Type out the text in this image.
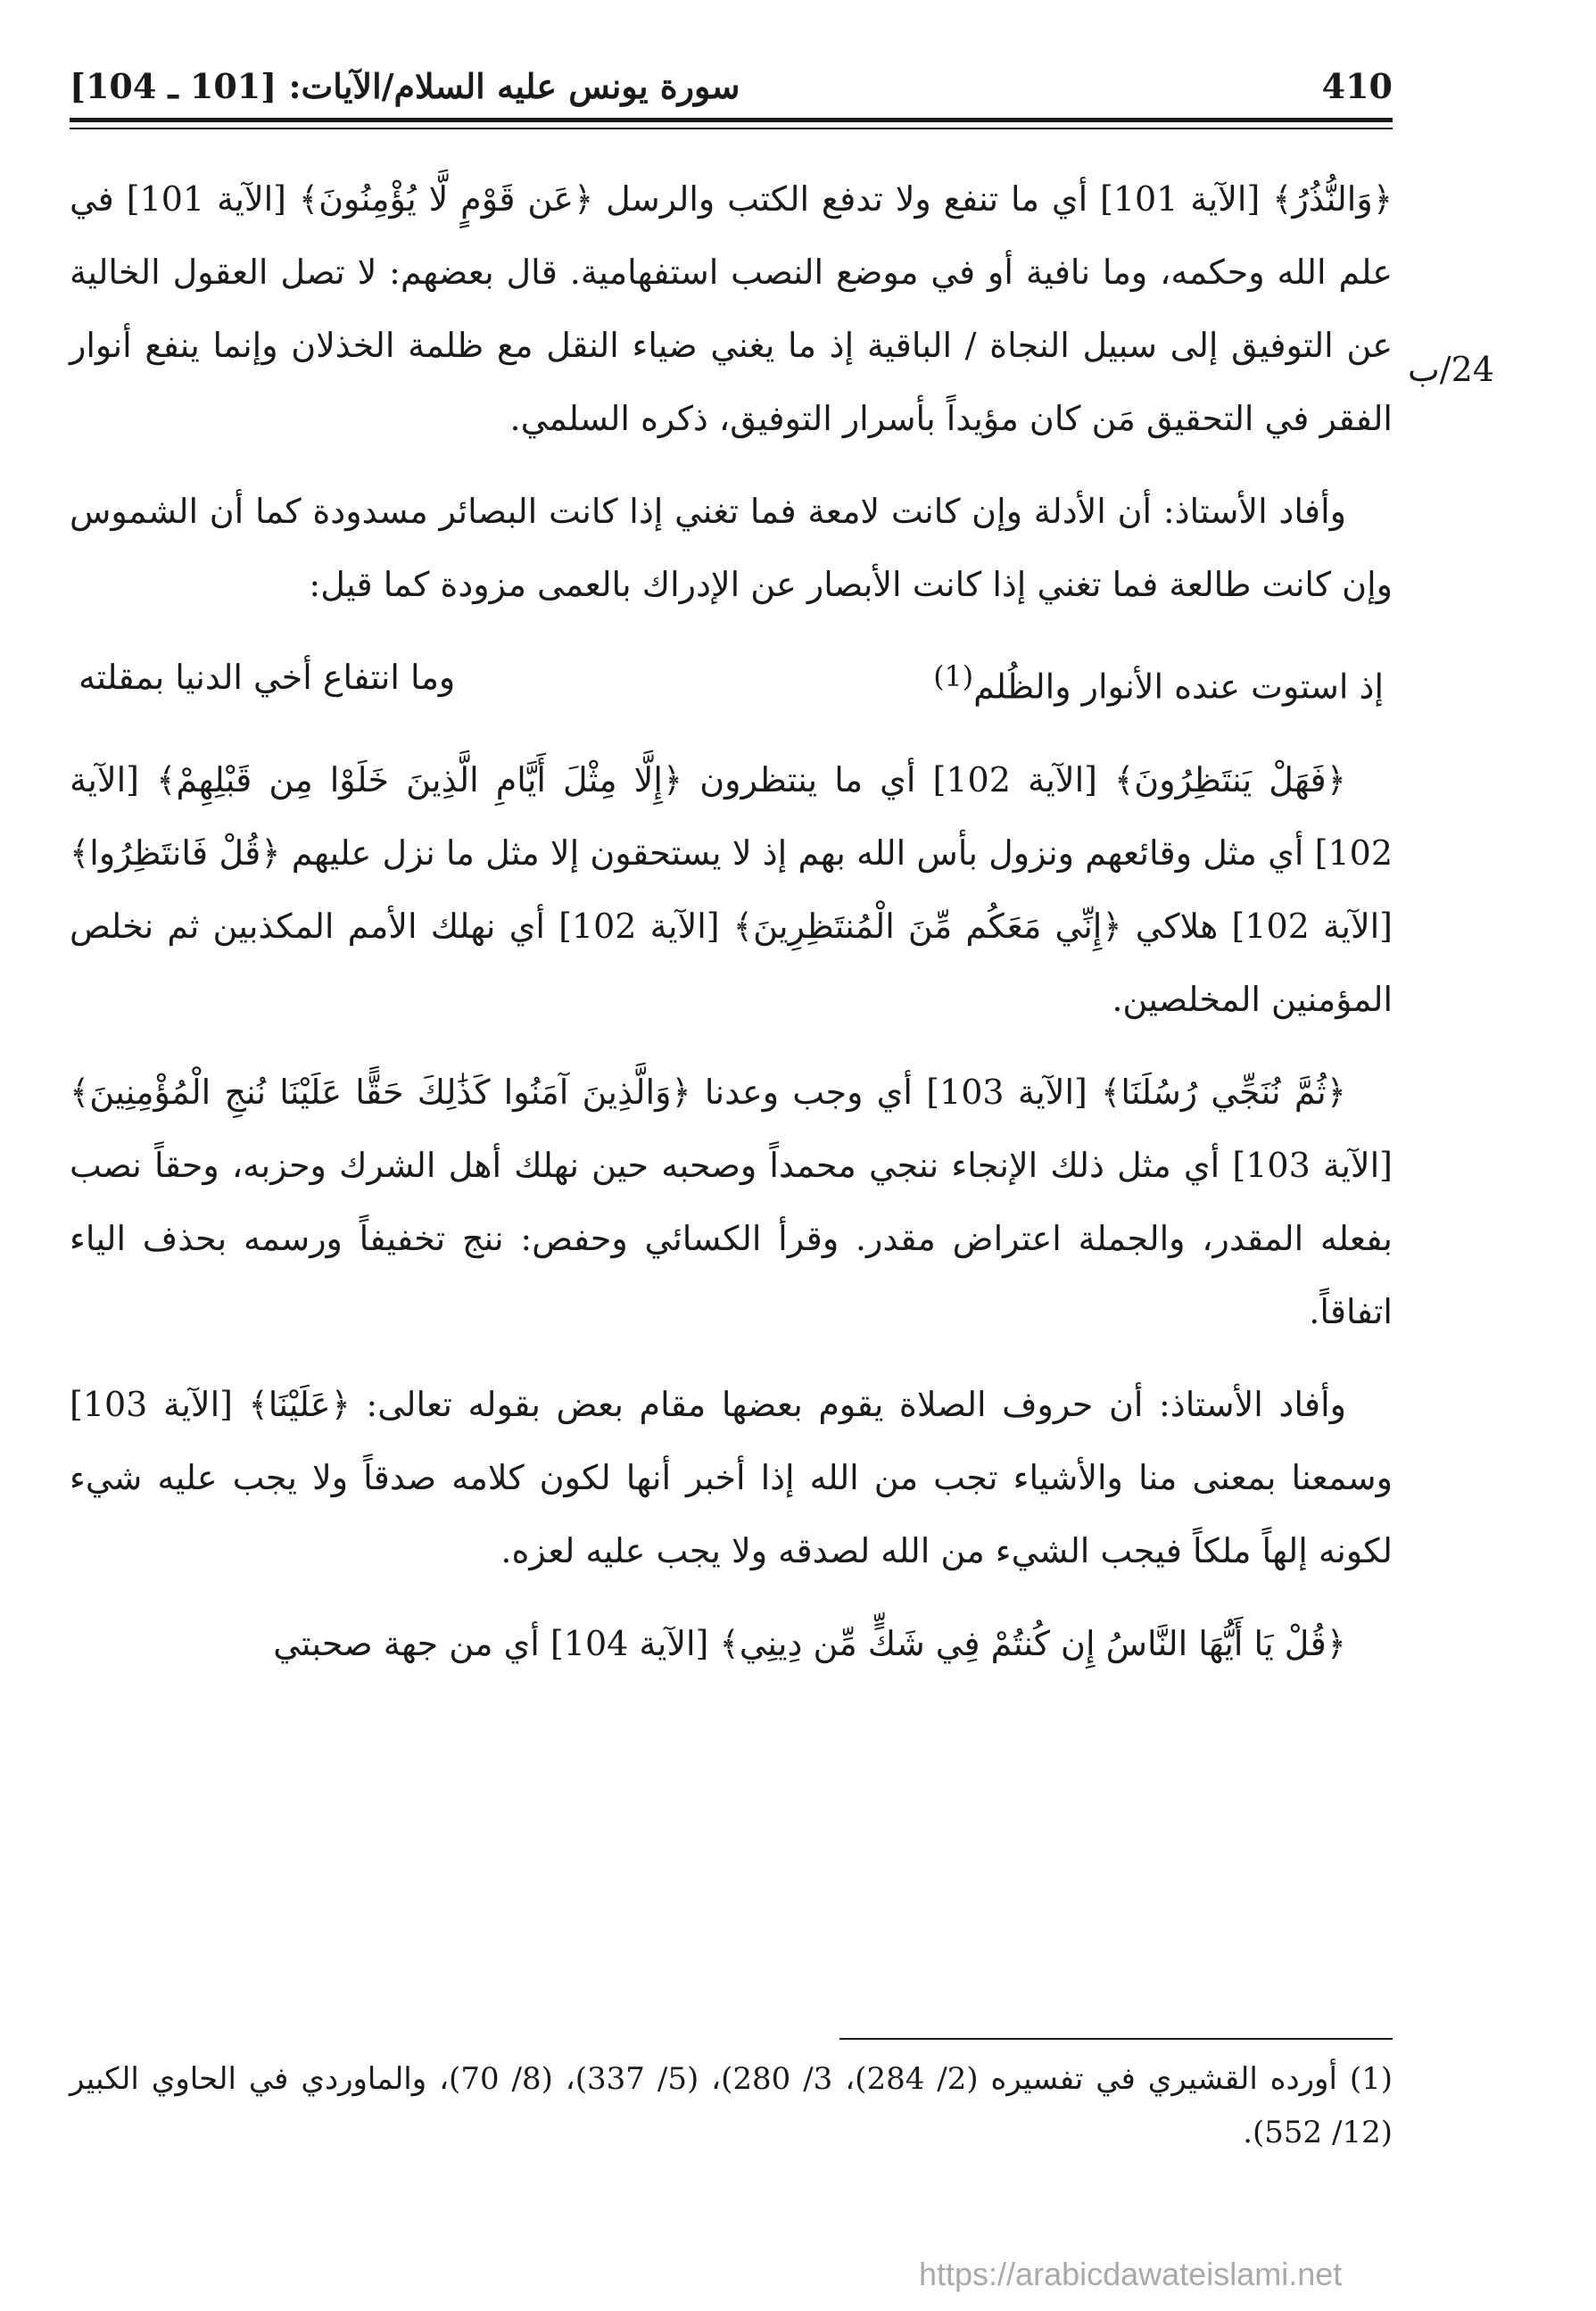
410
سورة يونس عليه السلام/الآيات: [101 ـ 104]
24/ب

﴿وَالنُّذُرُ﴾ [الآية 101] أي ما تنفع ولا تدفع الكتب والرسل ﴿عَن قَوْمٍ لَّا يُؤْمِنُونَ﴾ [الآية 101] في علم الله وحكمه، وما نافية أو في موضع النصب استفهامية. قال بعضهم: لا تصل العقول الخالية عن التوفيق إلى سبيل النجاة / الباقية إذ ما يغني ضياء النقل مع ظلمة الخذلان وإنما ينفع أنوار الفقر في التحقيق مَن كان مؤيداً بأسرار التوفيق، ذكره السلمي.

وأفاد الأستاذ: أن الأدلة وإن كانت لامعة فما تغني إذا كانت البصائر مسدودة كما أن الشموس وإن كانت طالعة فما تغني إذا كانت الأبصار عن الإدراك بالعمى مزودة كما قيل:

وما انتفاع أخي الدنيا بمقلته	إذ استوت عنده الأنوار والظُلم$^{(1)}$

﴿فَهَلْ يَنتَظِرُونَ﴾ [الآية 102] أي ما ينتظرون ﴿إِلَّا مِثْلَ أَيَّامِ الَّذِينَ خَلَوْا مِن قَبْلِهِمْ﴾ [الآية 102] أي مثل وقائعهم ونزول بأس الله بهم إذ لا يستحقون إلا مثل ما نزل عليهم ﴿قُلْ فَانتَظِرُوا﴾ [الآية 102] هلاكي ﴿إِنِّي مَعَكُم مِّنَ الْمُنتَظِرِينَ﴾ [الآية 102] أي نهلك الأمم المكذبين ثم نخلص المؤمنين المخلصين.

﴿ثُمَّ نُنَجِّي رُسُلَنَا﴾ [الآية 103] أي وجب وعدنا ﴿وَالَّذِينَ آمَنُوا كَذَٰلِكَ حَقًّا عَلَيْنَا نُنجِ الْمُؤْمِنِينَ﴾ [الآية 103] أي مثل ذلك الإنجاء ننجي محمداً وصحبه حين نهلك أهل الشرك وحزبه، وحقاً نصب بفعله المقدر، والجملة اعتراض مقدر. وقرأ الكسائي وحفص: ننج تخفيفاً ورسمه بحذف الياء اتفاقاً.

وأفاد الأستاذ: أن حروف الصلاة يقوم بعضها مقام بعض بقوله تعالى: ﴿عَلَيْنَا﴾ [الآية 103] وسمعنا بمعنى منا والأشياء تجب من الله إذا أخبر أنها لكون كلامه صدقاً ولا يجب عليه شيء لكونه إلهاً ملكاً فيجب الشيء من الله لصدقه ولا يجب عليه لعزه.

﴿قُلْ يَا أَيُّهَا النَّاسُ إِن كُنتُمْ فِي شَكٍّ مِّن دِينِي﴾ [الآية 104] أي من جهة صحبتي

(1) أورده القشيري في تفسيره (2/ 284)، 3/ 280)، (5/ 337)، (8/ 70)، والماوردي في الحاوي الكبير (12/ 552).
https://arabicdawateislami.net
